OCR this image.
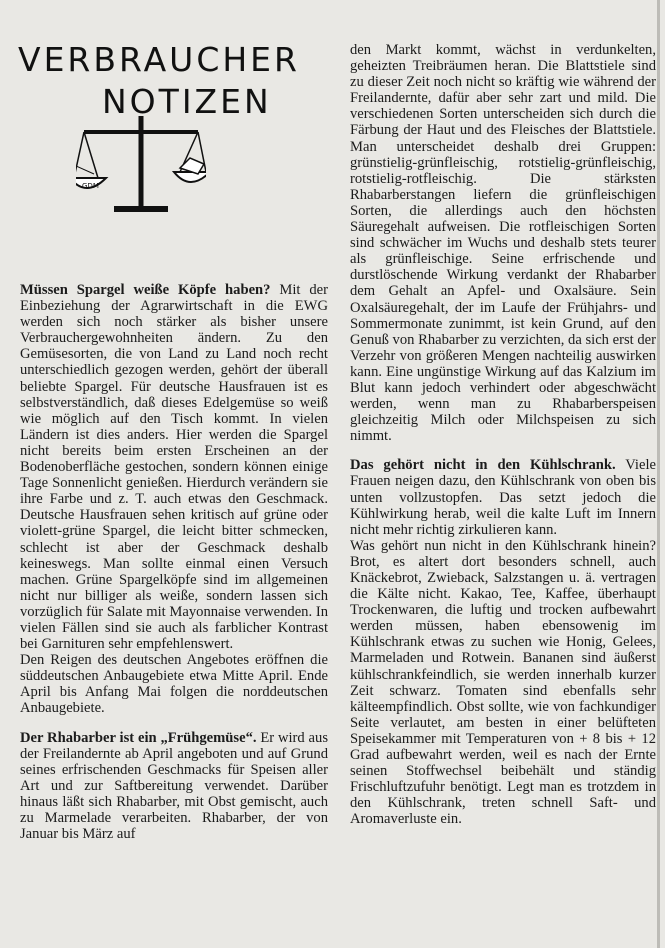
VERBRAUCHER
NOTIZEN
GDM

Müssen Spargel weiße Köpfe haben? Mit der Einbeziehung der Agrarwirtschaft in die EWG werden sich noch stärker als bisher unsere Verbrauchergewohnheiten ändern. Zu den Gemüsesorten, die von Land zu Land noch recht unterschiedlich gezogen werden, gehört der überall beliebte Spargel. Für deutsche Hausfrauen ist es selbstverständlich, daß dieses Edelgemüse so weiß wie möglich auf den Tisch kommt. In vielen Ländern ist dies anders. Hier werden die Spargel nicht bereits beim ersten Erscheinen an der Bodenoberfläche gestochen, sondern können einige Tage Sonnenlicht genießen. Hierdurch verändern sie ihre Farbe und z. T. auch etwas den Geschmack. Deutsche Hausfrauen sehen kritisch auf grüne oder violett-grüne Spargel, die leicht bitter schmecken, schlecht ist aber der Geschmack deshalb keineswegs. Man sollte einmal einen Versuch machen. Grüne Spargelköpfe sind im allgemeinen nicht nur billiger als weiße, sondern lassen sich vorzüglich für Salate mit Mayonnaise verwenden. In vielen Fällen sind sie auch als farblicher Kontrast bei Garnituren sehr empfehlenswert.

Den Reigen des deutschen Angebotes eröffnen die süddeutschen Anbaugebiete etwa Mitte April. Ende April bis Anfang Mai folgen die norddeutschen Anbaugebiete.

Der Rhabarber ist ein „Frühgemüse“. Er wird aus der Freilandernte ab April angeboten und auf Grund seines erfrischenden Geschmacks für Speisen aller Art und zur Saftbereitung verwendet. Darüber hinaus läßt sich Rhabarber, mit Obst gemischt, auch zu Marmelade verarbeiten. Rhabarber, der von Januar bis März auf

den Markt kommt, wächst in verdunkelten, geheizten Treibräumen heran. Die Blattstiele sind zu dieser Zeit noch nicht so kräftig wie während der Freilandernte, dafür aber sehr zart und mild. Die verschiedenen Sorten unterscheiden sich durch die Färbung der Haut und des Fleisches der Blattstiele. Man unterscheidet deshalb drei Gruppen: grünstielig-grünfleischig, rotstielig-grünfleischig, rotstielig-rotfleischig. Die stärksten Rhabarberstangen liefern die grünfleischigen Sorten, die allerdings auch den höchsten Säuregehalt aufweisen. Die rotfleischigen Sorten sind schwächer im Wuchs und deshalb stets teurer als grünfleischige. Seine erfrischende und durstlöschende Wirkung verdankt der Rhabarber dem Gehalt an Apfel- und Oxalsäure. Sein Oxalsäuregehalt, der im Laufe der Frühjahrs- und Sommermonate zunimmt, ist kein Grund, auf den Genuß von Rhabarber zu verzichten, da sich erst der Verzehr von größeren Mengen nachteilig auswirken kann. Eine ungünstige Wirkung auf das Kalzium im Blut kann jedoch verhindert oder abgeschwächt werden, wenn man zu Rhabarberspeisen gleichzeitig Milch oder Milchspeisen zu sich nimmt.

Das gehört nicht in den Kühlschrank. Viele Frauen neigen dazu, den Kühlschrank von oben bis unten vollzustopfen. Das setzt jedoch die Kühlwirkung herab, weil die kalte Luft im Innern nicht mehr richtig zirkulieren kann.

Was gehört nun nicht in den Kühlschrank hinein? Brot, es altert dort besonders schnell, auch Knäckebrot, Zwieback, Salzstangen u. ä. vertragen die Kälte nicht. Kakao, Tee, Kaffee, überhaupt Trockenwaren, die luftig und trocken aufbewahrt werden müssen, haben ebensowenig im Kühlschrank etwas zu suchen wie Honig, Gelees, Marmeladen und Rotwein. Bananen sind äußerst kühlschrankfeindlich, sie werden innerhalb kurzer Zeit schwarz. Tomaten sind ebenfalls sehr kälteempfindlich. Obst sollte, wie von fachkundiger Seite verlautet, am besten in einer belüfteten Speisekammer mit Temperaturen von + 8 bis + 12 Grad aufbewahrt werden, weil es nach der Ernte seinen Stoffwechsel beibehält und ständig Frischluftzufuhr benötigt. Legt man es trotzdem in den Kühlschrank, treten schnell Saft- und Aromaverluste ein.
